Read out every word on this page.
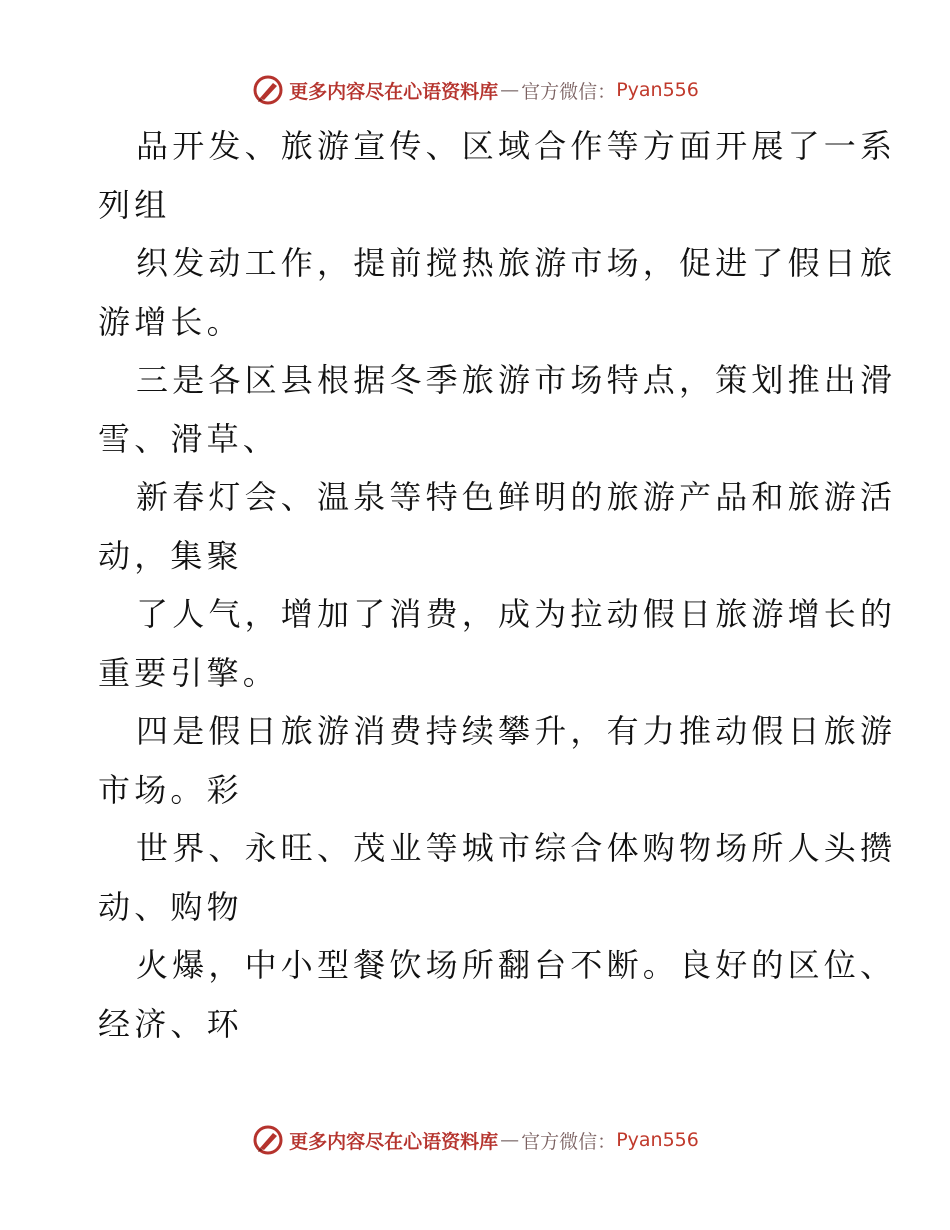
更多内容尽在心语资料库 — 官方微信： Pyan556
品开发、旅游宣传、区域合作等方面开展了一系
列组
织发动工作，提前搅热旅游市场，促进了假日旅
游增长。
三是各区县根据冬季旅游市场特点，策划推出滑
雪、滑草、
新春灯会、温泉等特色鲜明的旅游产品和旅游活
动，集聚
了人气，增加了消费，成为拉动假日旅游增长的
重要引擎。
四是假日旅游消费持续攀升，有力推动假日旅游
市场。彩
世界、永旺、茂业等城市综合体购物场所人头攒
动、购物
火爆，中小型餐饮场所翻台不断。良好的区位、
经济、环
更多内容尽在心语资料库 — 官方微信： Pyan556
